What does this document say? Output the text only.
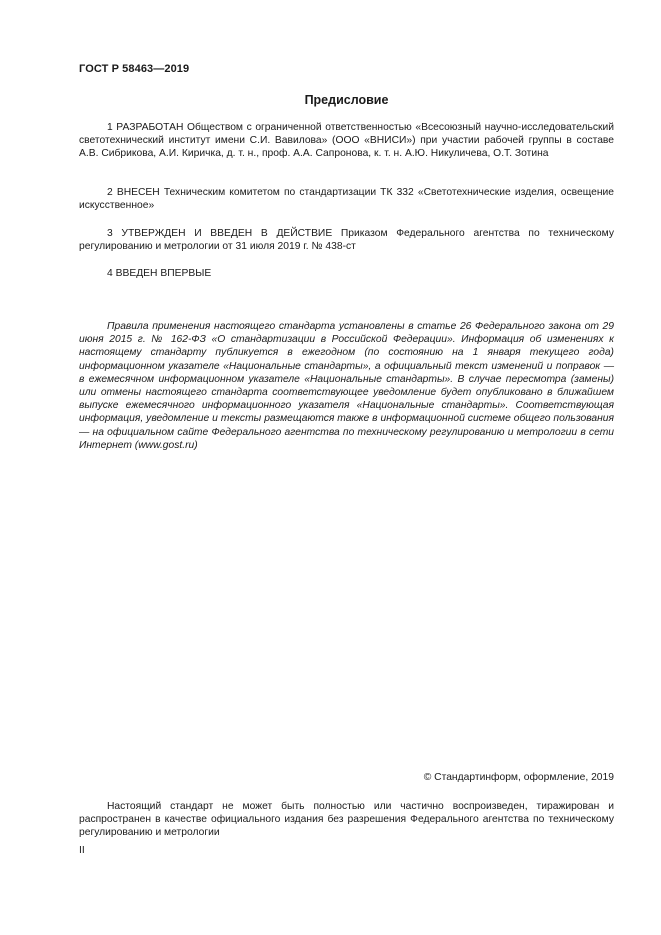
ГОСТ Р 58463—2019
Предисловие

1 РАЗРАБОТАН Обществом с ограниченной ответственностью «Всесоюзный научно-исследовательский светотехнический институт имени С.И. Вавилова» (ООО «ВНИСИ») при участии рабочей группы в составе А.В. Сибрикова, А.И. Киричка, д. т. н., проф. А.А. Сапронова, к. т. н. А.Ю. Никуличева, О.Т. Зотина

2 ВНЕСЕН Техническим комитетом по стандартизации ТК 332 «Светотехнические изделия, освещение искусственное»

3 УТВЕРЖДЕН И ВВЕДЕН В ДЕЙСТВИЕ Приказом Федерального агентства по техническому регулированию и метрологии от 31 июля 2019 г. № 438-ст

4 ВВЕДЕН ВПЕРВЫЕ

Правила применения настоящего стандарта установлены в статье 26 Федерального закона от 29 июня 2015 г. № 162-ФЗ «О стандартизации в Российской Федерации». Информация об изменениях к настоящему стандарту публикуется в ежегодном (по состоянию на 1 января текущего года) информационном указателе «Национальные стандарты», а официальный текст изменений и поправок — в ежемесячном информационном указателе «Национальные стандарты». В случае пересмотра (замены) или отмены настоящего стандарта соответствующее уведомление будет опубликовано в ближайшем выпуске ежемесячного информационного указателя «Национальные стандарты». Соответствующая информация, уведомление и тексты размещаются также в информационной системе общего пользования — на официальном сайте Федерального агентства по техническому регулированию и метрологии в сети Интернет (www.gost.ru)

© Стандартинформ, оформление, 2019

Настоящий стандарт не может быть полностью или частично воспроизведен, тиражирован и распространен в качестве официального издания без разрешения Федерального агентства по техническому регулированию и метрологии

II
